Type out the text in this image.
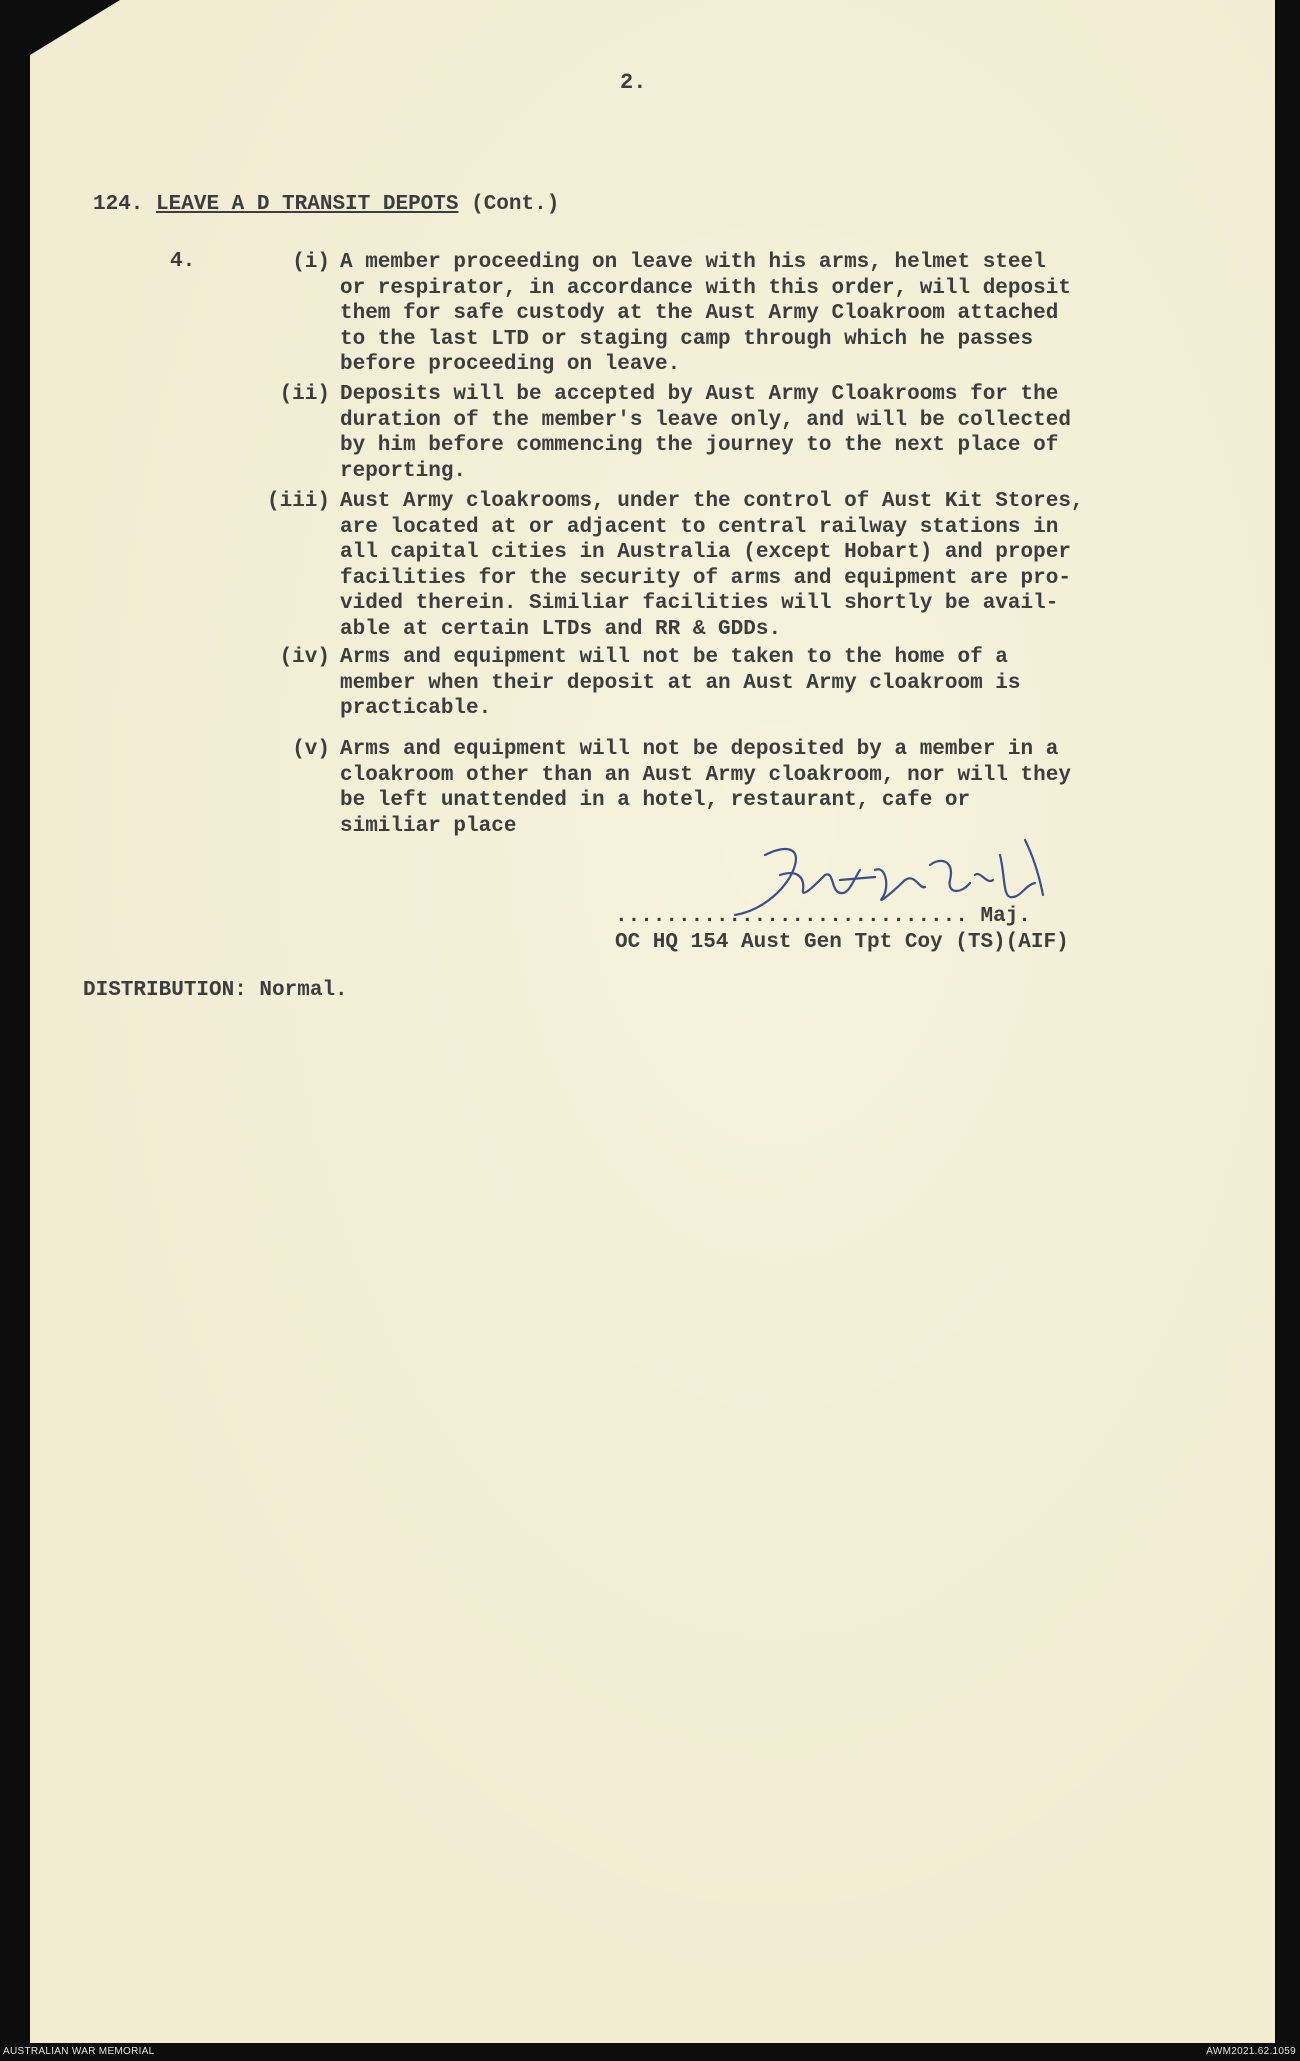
2.
124. LEAVE A D TRANSIT DEPOTS (Cont.)
4.	(i) A member proceeding on leave with his arms, helmet steel
or respirator, in accordance with this order, will deposit
them for safe custody at the Aust Army Cloakroom attached
to the last LTD or staging camp through which he passes
before proceeding on leave.
(ii) Deposits will be accepted by Aust Army Cloakrooms for the
duration of the member's leave only, and will be collected
by him before commencing the journey to the next place of
reporting.
(iii) Aust Army cloakrooms, under the control of Aust Kit Stores,
are located at or adjacent to central railway stations in
all capital cities in Australia (except Hobart) and proper
facilities for the security of arms and equipment are pro-
vided therein. Similiar facilities will shortly be avail-
able at certain LTDs and RR & GDDs.
(iv) Arms and equipment will not be taken to the home of a
member when their deposit at an Aust Army cloakroom is
practicable.
(v) Arms and equipment will not be deposited by a member in a
cloakroom other than an Aust Army cloakroom, nor will they
be left unattended in a hotel, restaurant, cafe or
similiar place
............................ Maj.
OC HQ 154 Aust Gen Tpt Coy (TS)(AIF)
DISTRIBUTION: Normal.
AUSTRALIAN WAR MEMORIAL	AWM2021.62.1059
